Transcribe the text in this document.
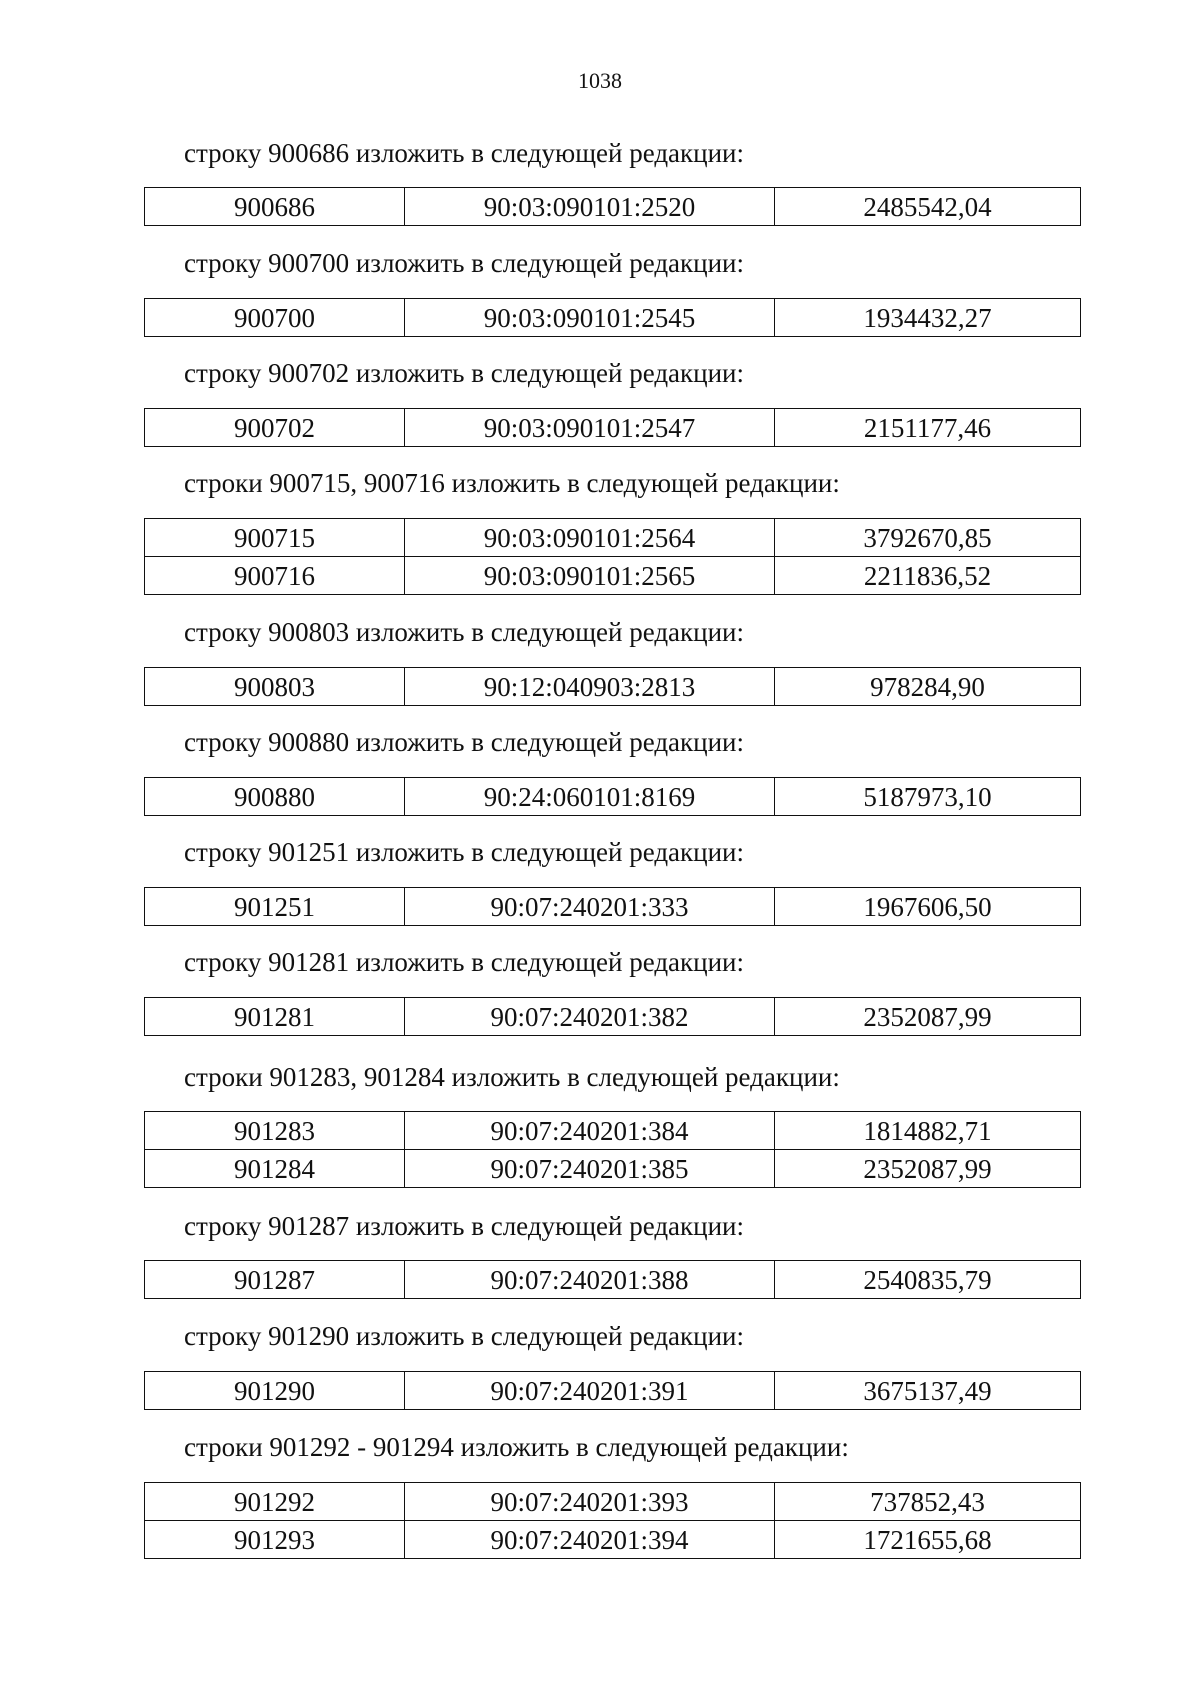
1038
строку 900686 изложить в следующей редакции:
900686	90:03:090101:2520	2485542,04
строку 900700 изложить в следующей редакции:
900700	90:03:090101:2545	1934432,27
строку 900702 изложить в следующей редакции:
900702	90:03:090101:2547	2151177,46
строки 900715, 900716 изложить в следующей редакции:
900715	90:03:090101:2564	3792670,85
900716	90:03:090101:2565	2211836,52
строку 900803 изложить в следующей редакции:
900803	90:12:040903:2813	978284,90
строку 900880 изложить в следующей редакции:
900880	90:24:060101:8169	5187973,10
строку 901251 изложить в следующей редакции:
901251	90:07:240201:333	1967606,50
строку 901281 изложить в следующей редакции:
901281	90:07:240201:382	2352087,99
строки 901283, 901284 изложить в следующей редакции:
901283	90:07:240201:384	1814882,71
901284	90:07:240201:385	2352087,99
строку 901287 изложить в следующей редакции:
901287	90:07:240201:388	2540835,79
строку 901290 изложить в следующей редакции:
901290	90:07:240201:391	3675137,49
строки 901292 - 901294 изложить в следующей редакции:
901292	90:07:240201:393	737852,43
901293	90:07:240201:394	1721655,68
